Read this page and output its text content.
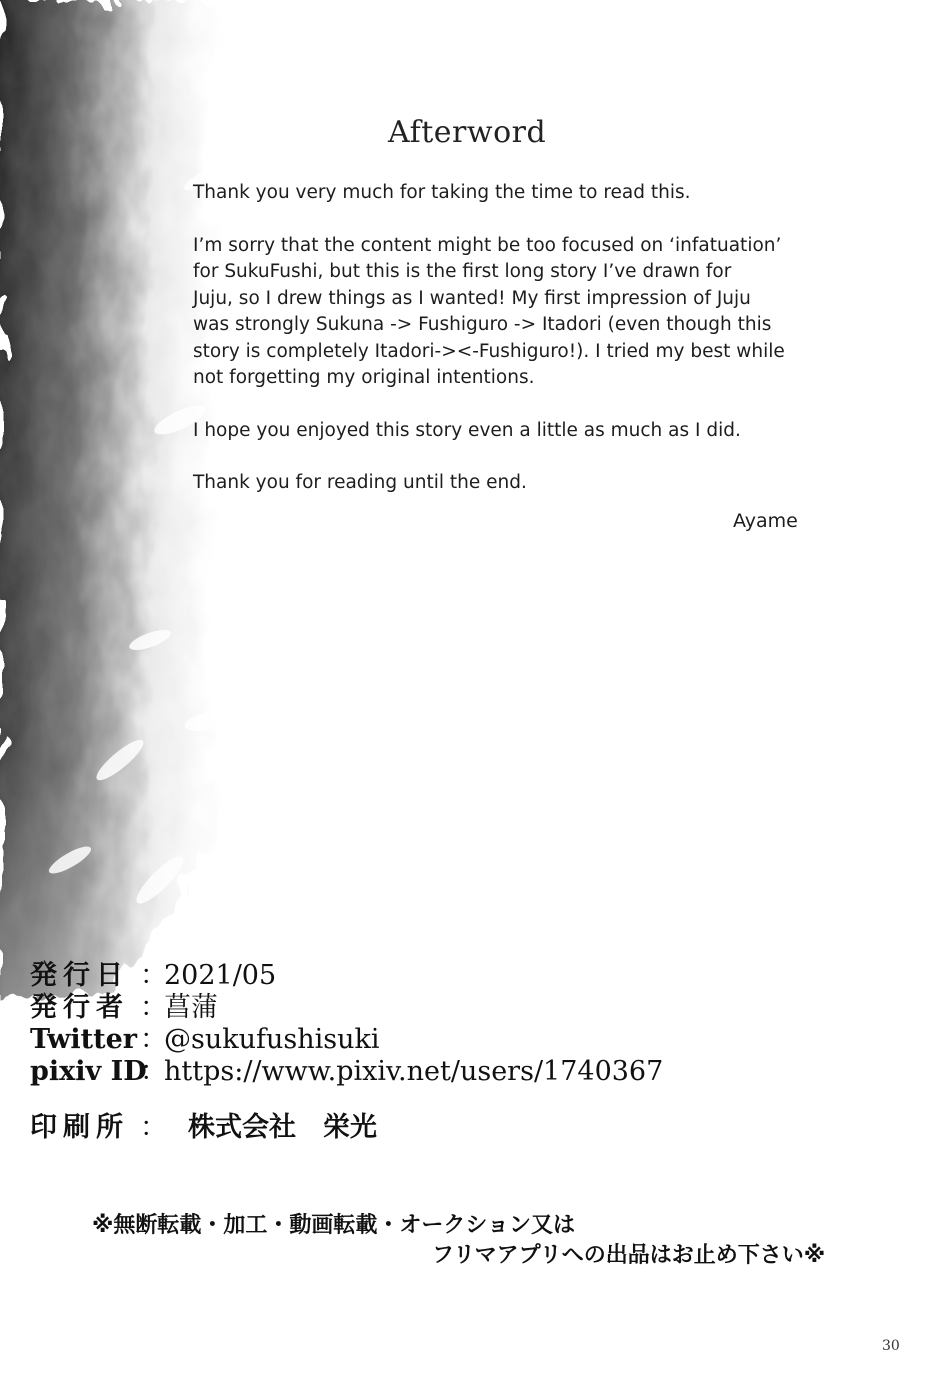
Afterword

Thank you very much for taking the time to read this.

I’m sorry that the content might be too focused on ‘infatuation’
for SukuFushi, but this is the first long story I’ve drawn for
Juju, so I drew things as I wanted! My first impression of Juju
was strongly Sukuna -> Fushiguro -> Itadori (even though this
story is completely Itadori-><-Fushiguro!). I tried my best while
not forgetting my original intentions.

I hope you enjoyed this story even a little as much as I did.

Thank you for reading until the end.

Ayame
発行日 ：2021/05
発行者 ：菖蒲
Twitter ：@sukufushisuki
pixiv ID：https://www.pixiv.net/users/1740367
印刷所 ： 株式会社　栄光
※無断転載・加工・動画転載・オークション又は
フリマアプリへの出品はお止め下さい※
30
